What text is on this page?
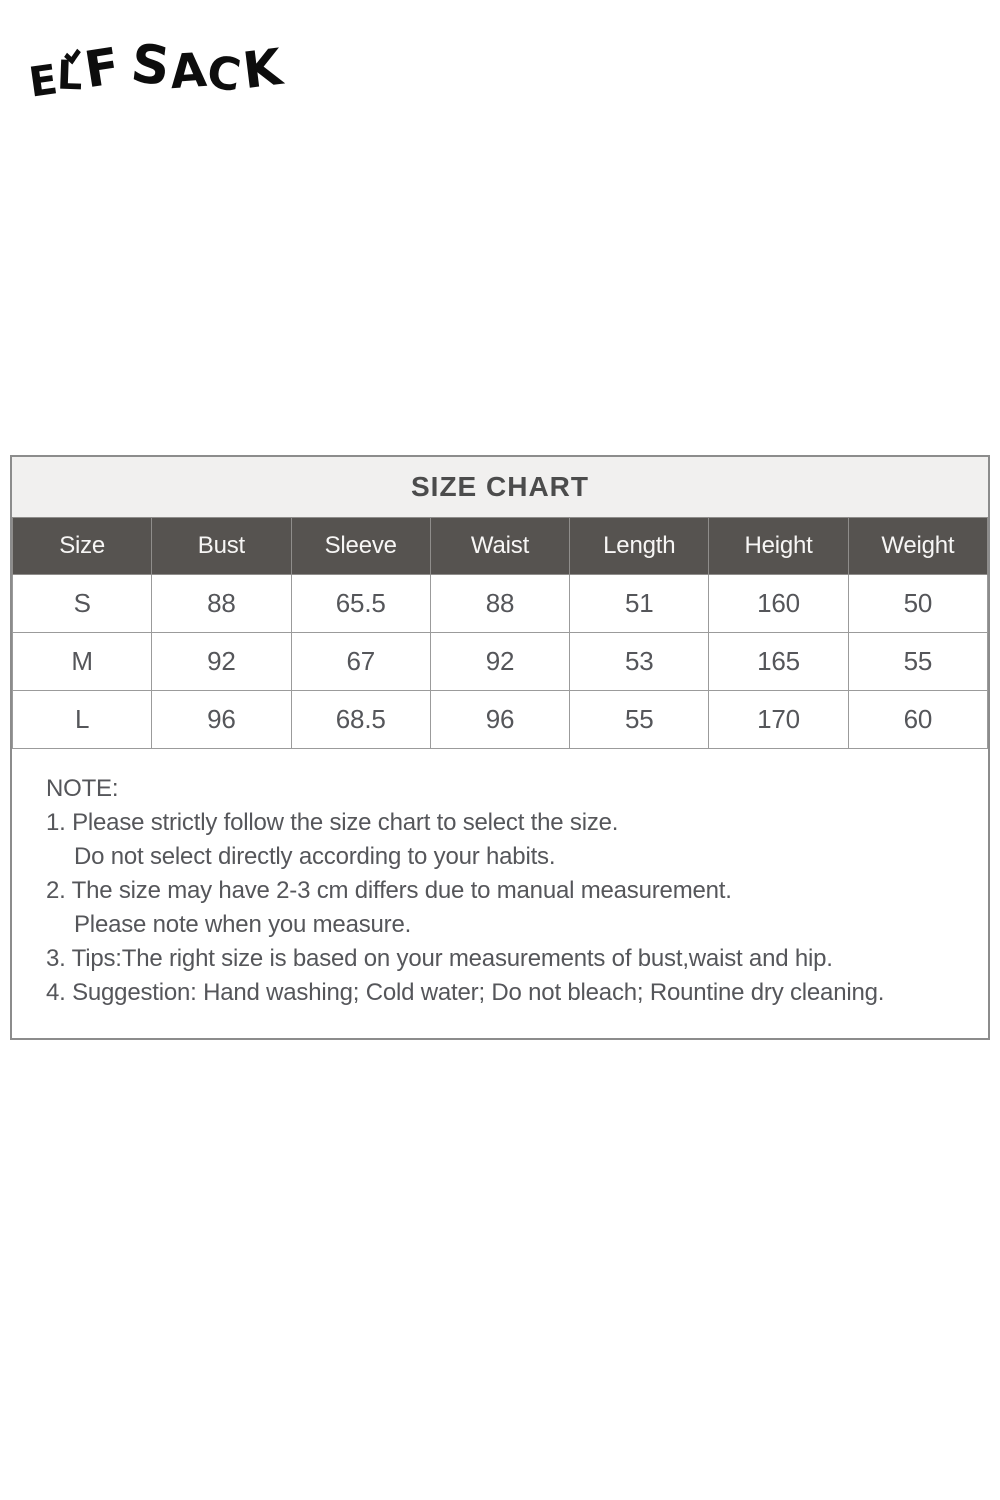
ELFSACK
SIZE CHART
Size	Bust	Sleeve	Waist	Length	Height	Weight
S	88	65.5	88	51	160	50
M	92	67	92	53	165	55
L	96	68.5	96	55	170	60
NOTE:
1. Please strictly follow the size chart to select the size.
Do not select directly according to your habits.
2. The size may have 2-3 cm differs due to manual measurement.
Please note when you measure.
3. Tips:The right size is based on your measurements of bust,waist and hip.
4. Suggestion: Hand washing; Cold water; Do not bleach; Rountine dry cleaning.
